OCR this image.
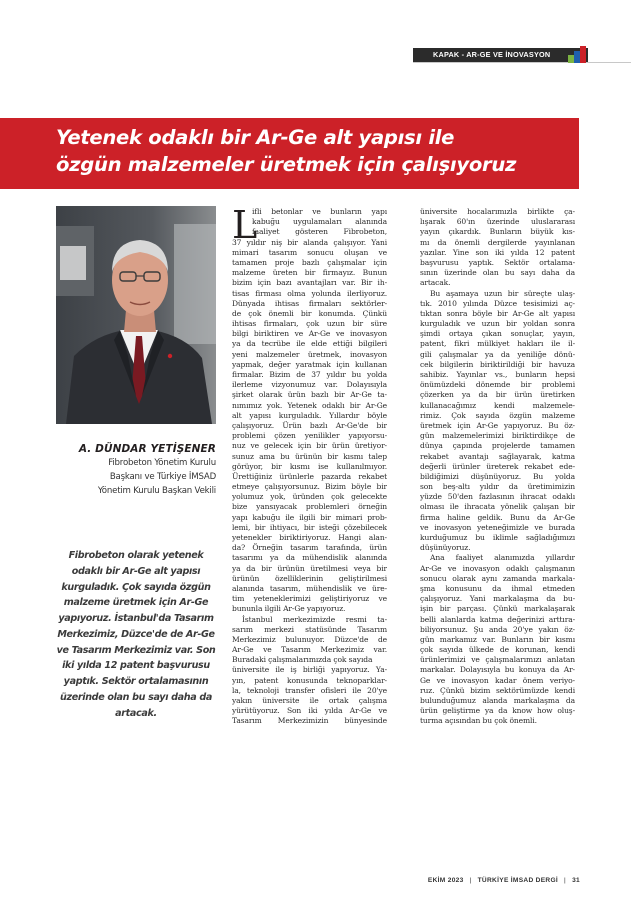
KAPAK - AR-GE VE İNOVASYON
Yetenek odaklı bir Ar-Ge alt yapısı ile
özgün malzemeler üretmek için çalışıyoruz
A. DÜNDAR YETİŞENER
Fibrobeton Yönetim Kurulu
Başkanı ve Türkiye İMSAD
Yönetim Kurulu Başkan Vekili
Fibrobeton olarak yetenek
odaklı bir Ar-Ge alt yapısı
kurguladık. Çok sayıda özgün
malzeme üretmek için Ar-Ge
yapıyoruz. İstanbul'da Tasarım
Merkezimiz, Düzce'de de Ar-Ge
ve Tasarım Merkezimiz var. Son
iki yılda 12 patent başvurusu
yaptık. Sektör ortalamasının
üzerinde olan bu sayı daha da
artacak.
L
ifli betonlar ve bunların yapı
kabuğu uygulamaları alanında
faaliyet gösteren Fibrobeton,
37 yıldır niş bir alanda çalışıyor. Yani
mimari tasarım sonucu oluşan ve
tamamen proje bazlı çalışmalar için
malzeme üreten bir firmayız. Bunun
bizim için bazı avantajları var. Bir ih-
tisas firması olma yolunda ilerliyoruz.
Dünyada ihtisas firmaları sektörler-
de çok önemli bir konumda. Çünkü
ihtisas firmaları, çok uzun bir süre
bilgi biriktiren ve Ar-Ge ve inovasyon
ya da tecrübe ile elde ettiği bilgileri
yeni malzemeler üretmek, inovasyon
yapmak, değer yaratmak için kullanan
firmalar. Bizim de 37 yıldır bu yolda
ilerleme vizyonumuz var. Dolayısıyla
şirket olarak ürün bazlı bir Ar-Ge ta-
nımımız yok. Yetenek odaklı bir Ar-Ge
alt yapısı kurguladık. Yıllardır böyle
çalışıyoruz. Ürün bazlı Ar-Ge'de bir
problemi çözen yenilikler yapıyorsu-
nuz ve gelecek için bir ürün üretiyor-
sunuz ama bu ürünün bir kısmı talep
görüyor, bir kısmı ise kullanılmıyor.
Ürettiğiniz ürünlerle pazarda rekabet
etmeye çalışıyorsunuz. Bizim böyle bir
yolumuz yok, üründen çok gelecekte
bize yansıyacak problemleri örneğin
yapı kabuğu ile ilgili bir mimari prob-
lemi, bir ihtiyacı, bir isteği çözebilecek
yetenekler biriktiriyoruz. Hangi alan-
da? Örneğin tasarım tarafında, ürün
tasarımı ya da mühendislik alanında
ya da bir ürünün üretilmesi veya bir
ürünün özelliklerinin geliştirilmesi
alanında tasarım, mühendislik ve üre-
tim yeteneklerimizi geliştiriyoruz ve
bununla ilgili Ar-Ge yapıyoruz.
İstanbul merkezimizde resmi ta-
sarım merkezi statüsünde Tasarım
Merkezimiz bulunuyor. Düzce'de de
Ar-Ge ve Tasarım Merkezimiz var.
Buradaki çalışmalarımızda çok sayıda
üniversite ile iş birliği yapıyoruz. Ya-
yın, patent konusunda teknoparklar-
la, teknoloji transfer ofisleri ile 20'ye
yakın üniversite ile ortak çalışma
yürütüyoruz. Son iki yılda Ar-Ge ve
Tasarım Merkezimizin bünyesinde
üniversite hocalarımızla birlikte ça-
lışarak 60'ın üzerinde uluslararası
yayın çıkardık. Bunların büyük kıs-
mı da önemli dergilerde yayınlanan
yazılar. Yine son iki yılda 12 patent
başvurusu yaptık. Sektör ortalama-
sının üzerinde olan bu sayı daha da
artacak.
Bu aşamaya uzun bir süreçte ulaş-
tık. 2010 yılında Düzce tesisimizi aç-
tıktan sonra böyle bir Ar-Ge alt yapısı
kurguladık ve uzun bir yoldan sonra
şimdi ortaya çıkan sonuçlar, yayın,
patent, fikri mülkiyet hakları ile il-
gili çalışmalar ya da yeniliğe dönü-
cek bilgilerin biriktirildiği bir havuza
sahibiz. Yayınlar vs., bunların hepsi
önümüzdeki dönemde bir problemi
çözerken ya da bir ürün üretirken
kullanacağımız kendi malzemele-
rimiz. Çok sayıda özgün malzeme
üretmek için Ar-Ge yapıyoruz. Bu öz-
gün malzemelerimizi biriktirdikçe de
dünya çapında projelerde tamamen
rekabet avantajı sağlayarak, katma
değerli ürünler üreterek rekabet ede-
bildiğimizi düşünüyoruz. Bu yolda
son beş-altı yıldır da üretimimizin
yüzde 50'den fazlasının ihracat odaklı
olması ile ihracata yönelik çalışan bir
firma haline geldik. Bunu da Ar-Ge
ve inovasyon yeteneğimizle ve burada
kurduğumuz bu iklimle sağladığımızı
düşünüyoruz.
Ana faaliyet alanımızda yıllardır
Ar-Ge ve inovasyon odaklı çalışmanın
sonucu olarak aynı zamanda markala-
şma konusunu da ihmal etmeden
çalışıyoruz. Yani markalaşma da bu-
işin bir parçası. Çünkü markalaşarak
belli alanlarda katma değerinizi arttıra-
biliyorsunuz. Şu anda 20'ye yakın öz-
gün markamız var. Bunların bir kısmı
çok sayıda ülkede de korunan, kendi
ürünlerimizi ve çalışmalarımızı anlatan
markalar. Dolayısıyla bu konuya da Ar-
Ge ve inovasyon kadar önem veriyo-
ruz. Çünkü bizim sektörümüzde kendi
bulunduğumuz alanda markalaşma da
ürün geliştirme ya da know how oluş-
turma açısından bu çok önemli.
EKİM 2023 | TÜRKİYE İMSAD DERGİ | 31
